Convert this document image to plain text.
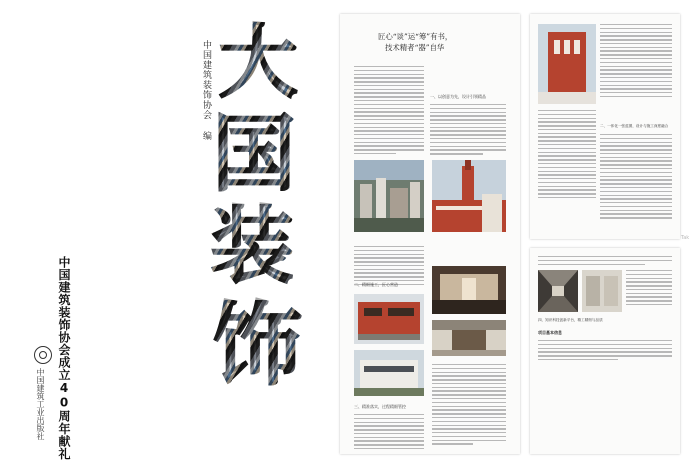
中国建筑装饰协会 编 大
国
装
饰
中国建筑装饰协会成立40周年献礼
中国建筑工业出版社
匠心“谈”运“筹”有书，
技术精者“器”自华
一、以创意为先，设计引领精品
二、精细施工，匠心营造
三、精准落实，过程精细管控
二、一体化一张蓝图，设计与施工深度融合
四、知识科技创新平台，精工精细与品质
项目基本信息
Tak
